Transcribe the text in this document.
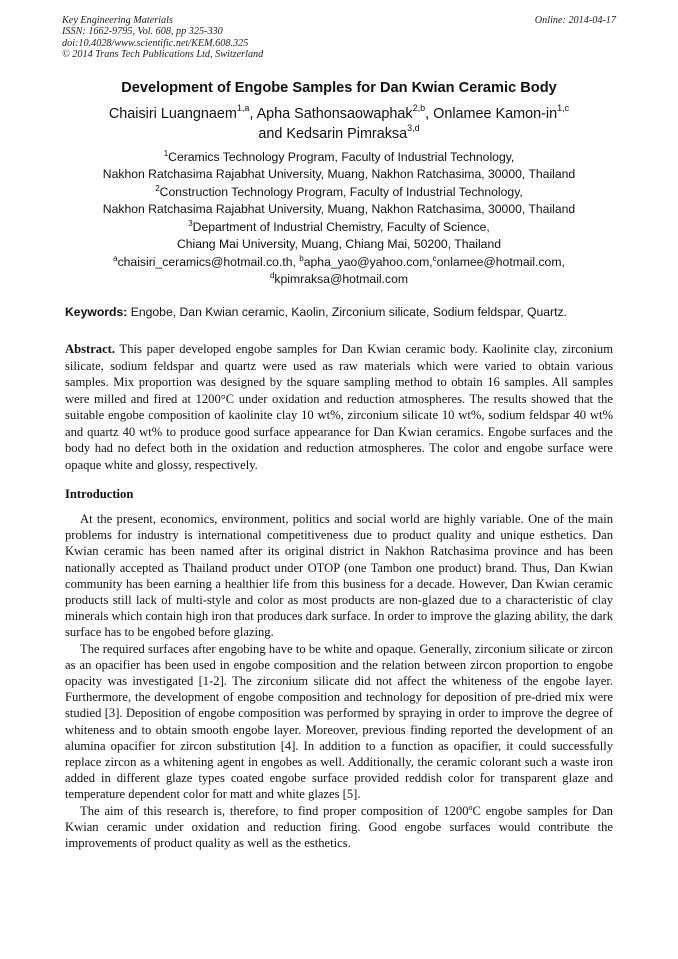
Key Engineering Materials
ISSN: 1662-9795, Vol. 608, pp 325-330
doi:10.4028/www.scientific.net/KEM.608.325
© 2014 Trans Tech Publications Ltd, Switzerland
Online: 2014-04-17
Development of Engobe Samples for Dan Kwian Ceramic Body
Chaisiri Luangnaem$^{1,a}$, Apha Sathonsaowaphak$^{2,b}$, Onlamee Kamon-in$^{1,c}$
and Kedsarin Pimraksa$^{3,d}$
$^1$Ceramics Technology Program, Faculty of Industrial Technology,
Nakhon Ratchasima Rajabhat University, Muang, Nakhon Ratchasima, 30000, Thailand
$^2$Construction Technology Program, Faculty of Industrial Technology,
Nakhon Ratchasima Rajabhat University, Muang, Nakhon Ratchasima, 30000, Thailand
$^3$Department of Industrial Chemistry, Faculty of Science,
Chiang Mai University, Muang, Chiang Mai, 50200, Thailand
$^a$chaisiri_ceramics@hotmail.co.th, $^b$apha_yao@yahoo.com,$^c$onlamee@hotmail.com,
$^d$kpimraksa@hotmail.com
Keywords: Engobe, Dan Kwian ceramic, Kaolin, Zirconium silicate, Sodium feldspar, Quartz.
Abstract. This paper developed engobe samples for Dan Kwian ceramic body. Kaolinite clay, zirconium silicate, sodium feldspar and quartz were used as raw materials which were varied to obtain various samples. Mix proportion was designed by the square sampling method to obtain 16 samples. All samples were milled and fired at 1200°C under oxidation and reduction atmospheres. The results showed that the suitable engobe composition of kaolinite clay 10 wt%, zirconium silicate 10 wt%, sodium feldspar 40 wt% and quartz 40 wt% to produce good surface appearance for Dan Kwian ceramics. Engobe surfaces and the body had no defect both in the oxidation and reduction atmospheres. The color and engobe surface were opaque white and glossy, respectively.
Introduction

At the present, economics, environment, politics and social world are highly variable. One of the main problems for industry is international competitiveness due to product quality and unique esthetics. Dan Kwian ceramic has been named after its original district in Nakhon Ratchasima province and has been nationally accepted as Thailand product under OTOP (one Tambon one product) brand. Thus, Dan Kwian community has been earning a healthier life from this business for a decade. However, Dan Kwian ceramic products still lack of multi-style and color as most products are non-glazed due to a characteristic of clay minerals which contain high iron that produces dark surface. In order to improve the glazing ability, the dark surface has to be engobed before glazing.

The required surfaces after engobing have to be white and opaque. Generally, zirconium silicate or zircon as an opacifier has been used in engobe composition and the relation between zircon proportion to engobe opacity was investigated [1-2]. The zirconium silicate did not affect the whiteness of the engobe layer. Furthermore, the development of engobe composition and technology for deposition of pre-dried mix were studied [3]. Deposition of engobe composition was performed by spraying in order to improve the degree of whiteness and to obtain smooth engobe layer. Moreover, previous finding reported the development of an alumina opacifier for zircon substitution [4]. In addition to a function as opacifier, it could successfully replace zircon as a whitening agent in engobes as well. Additionally, the ceramic colorant such a waste iron added in different glaze types coated engobe surface provided reddish color for transparent glaze and temperature dependent color for matt and white glazes [5].

The aim of this research is, therefore, to find proper composition of 1200$^o$C engobe samples for Dan Kwian ceramic under oxidation and reduction firing. Good engobe surfaces would contribute the improvements of product quality as well as the esthetics.
